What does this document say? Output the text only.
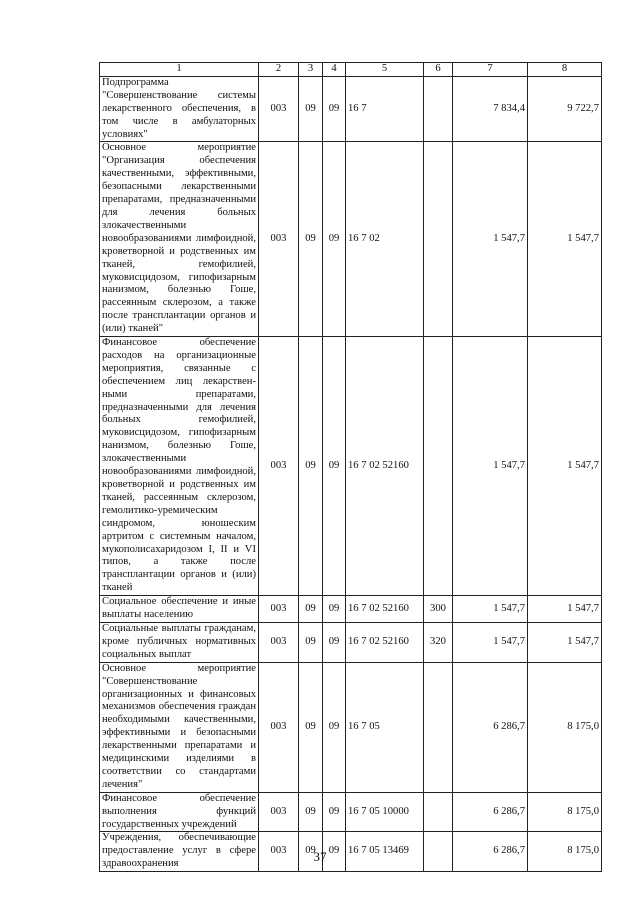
1	2	3	4	5	6	7	8
Подпрограмма "Совершенствование системы лекарственного обеспечения, в том числе в амбулаторных условиях"	003	09	09	16 7		7 834,4	9 722,7
Основное мероприятие "Организация обеспечения качественными, эффективными, безопасными лекарственными препаратами, предназначенными для лечения больных злокачественными новообразованиями лимфоидной, кроветворной и родственных им тканей, гемофилией, муковисцидозом, гипофизарным нанизмом, болезнью Гоше, рассеянным склерозом, а также после трансплантации органов и (или) тканей"	003	09	09	16 7 02		1 547,7	1 547,7
Финансовое обеспечение расходов на организационные мероприятия, связанные с обеспечением лиц лекарствен-ными препаратами, предназначенными для лечения больных гемофилией, муковисцидозом, гипофизарным нанизмом, болезнью Гоше, злокачественными новообразованиями лимфоидной, кроветворной и родственных им тканей, рассеянным склерозом, гемолитико-уремическим синдромом, юношеским артритом с системным началом, мукополисахаридозом I, II и VI типов, а также после трансплантации органов и (или) тканей	003	09	09	16 7 02 52160		1 547,7	1 547,7
Социальное обеспечение и иные выплаты населению	003	09	09	16 7 02 52160	300	1 547,7	1 547,7
Социальные выплаты гражданам, кроме публичных нормативных социальных выплат	003	09	09	16 7 02 52160	320	1 547,7	1 547,7
Основное мероприятие "Совершенствование организационных и финансовых механизмов обеспечения граждан необходимыми качественными, эффективными и безопасными лекарственными препаратами и медицинскими изделиями в соответствии со стандартами лечения"	003	09	09	16 7 05		6 286,7	8 175,0
Финансовое обеспечение выполнения функций государственных учреждений	003	09	09	16 7 05 10000		6 286,7	8 175,0
Учреждения, обеспечивающие предоставление услуг в сфере здравоохранения	003	09	09	16 7 05 13469		6 286,7	8 175,0
37
